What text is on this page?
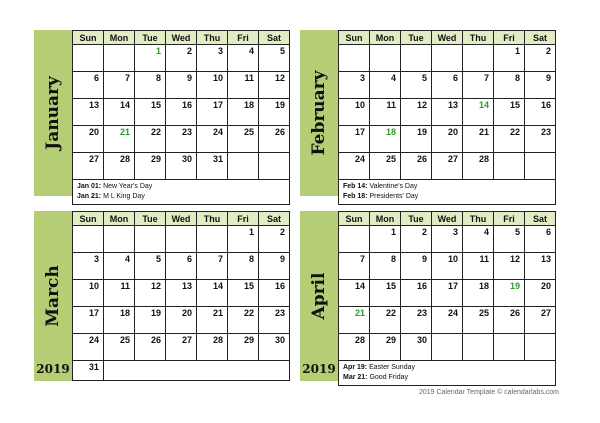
January
Sun	Mon	Tue	Wed	Thu	Fri	Sat
		1	2	3	4	5
6	7	8	9	10	11	12
13	14	15	16	17	18	19
20	21	22	23	24	25	26
27	28	29	30	31		
Jan 01: New Year's Day
Jan 21: M L King Day
February
Sun	Mon	Tue	Wed	Thu	Fri	Sat
					1	2
3	4	5	6	7	8	9
10	11	12	13	14	15	16
17	18	19	20	21	22	23
24	25	26	27	28		
Feb 14: Valentine's Day
Feb 18: Presidents' Day
March
2019
Sun	Mon	Tue	Wed	Thu	Fri	Sat
					1	2
3	4	5	6	7	8	9
10	11	12	13	14	15	16
17	18	19	20	21	22	23
24	25	26	27	28	29	30
31
April
2019
Sun	Mon	Tue	Wed	Thu	Fri	Sat
	1	2	3	4	5	6
7	8	9	10	11	12	13
14	15	16	17	18	19	20
21	22	23	24	25	26	27
28	29	30				
Apr 19: Easter Sunday
Mar 21: Good Friday
2019 Calendar Template © calendarlabs.com
